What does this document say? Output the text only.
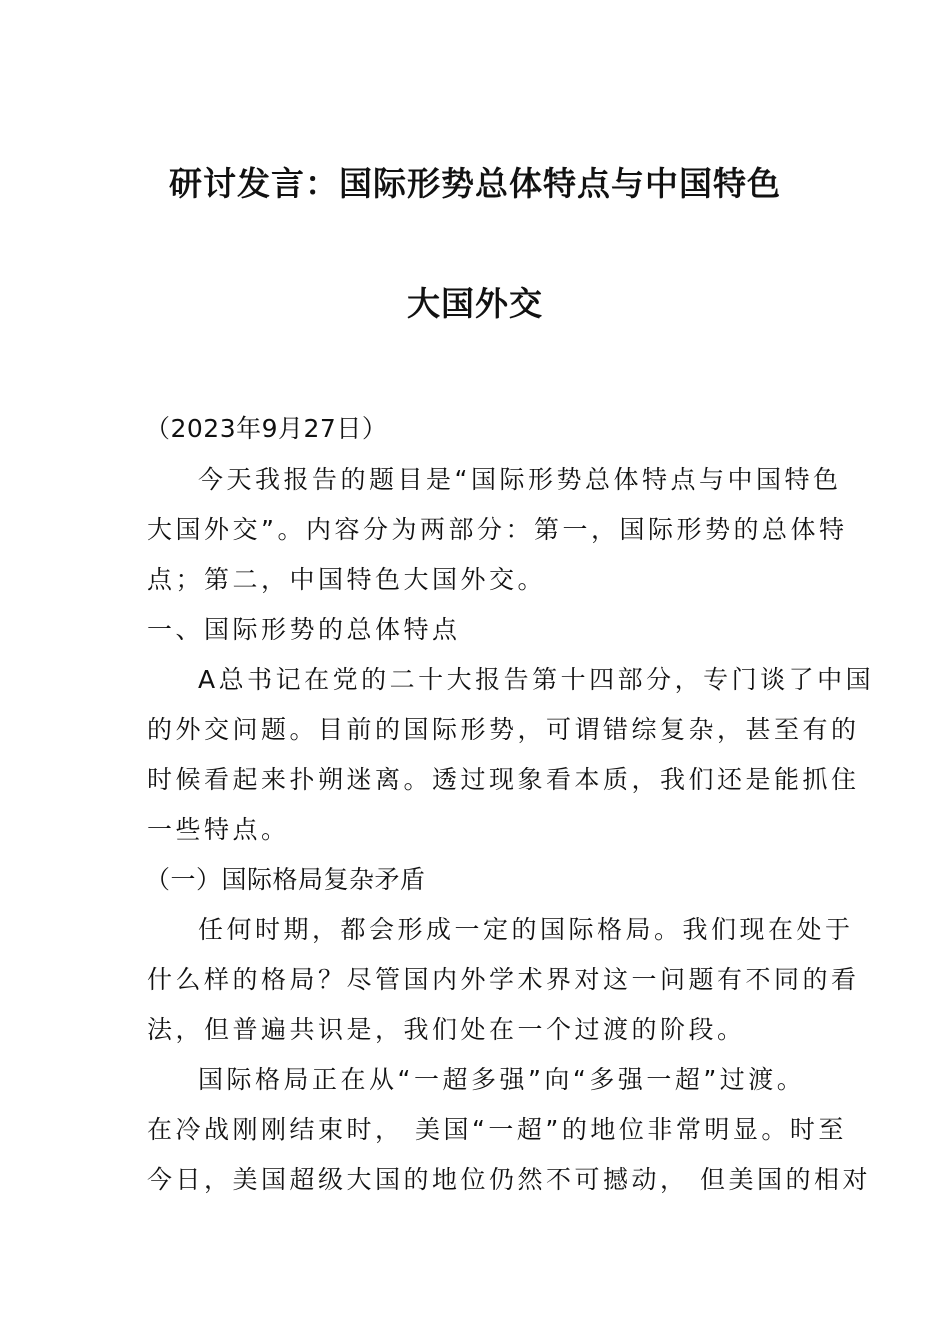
研讨发言：国际形势总体特点与中国特色
大国外交
（2023年9月27日）
今天我报告的题目是“国际形势总体特点与中国特色
大国外交”。内容分为两部分：第一，国际形势的总体特
点；第二，中国特色大国外交。
一、国际形势的总体特点
A总书记在党的二十大报告第十四部分，专门谈了中国
的外交问题。目前的国际形势，可谓错综复杂，甚至有的
时候看起来扑朔迷离。透过现象看本质，我们还是能抓住
一些特点。
（一）国际格局复杂矛盾
任何时期，都会形成一定的国际格局。我们现在处于
什么样的格局？尽管国内外学术界对这一问题有不同的看
法，但普遍共识是，我们处在一个过渡的阶段。
国际格局正在从“一超多强”向“多强一超”过渡。
在冷战刚刚结束时， 美国“一超”的地位非常明显。时至
今日，美国超级大国的地位仍然不可撼动， 但美国的相对
